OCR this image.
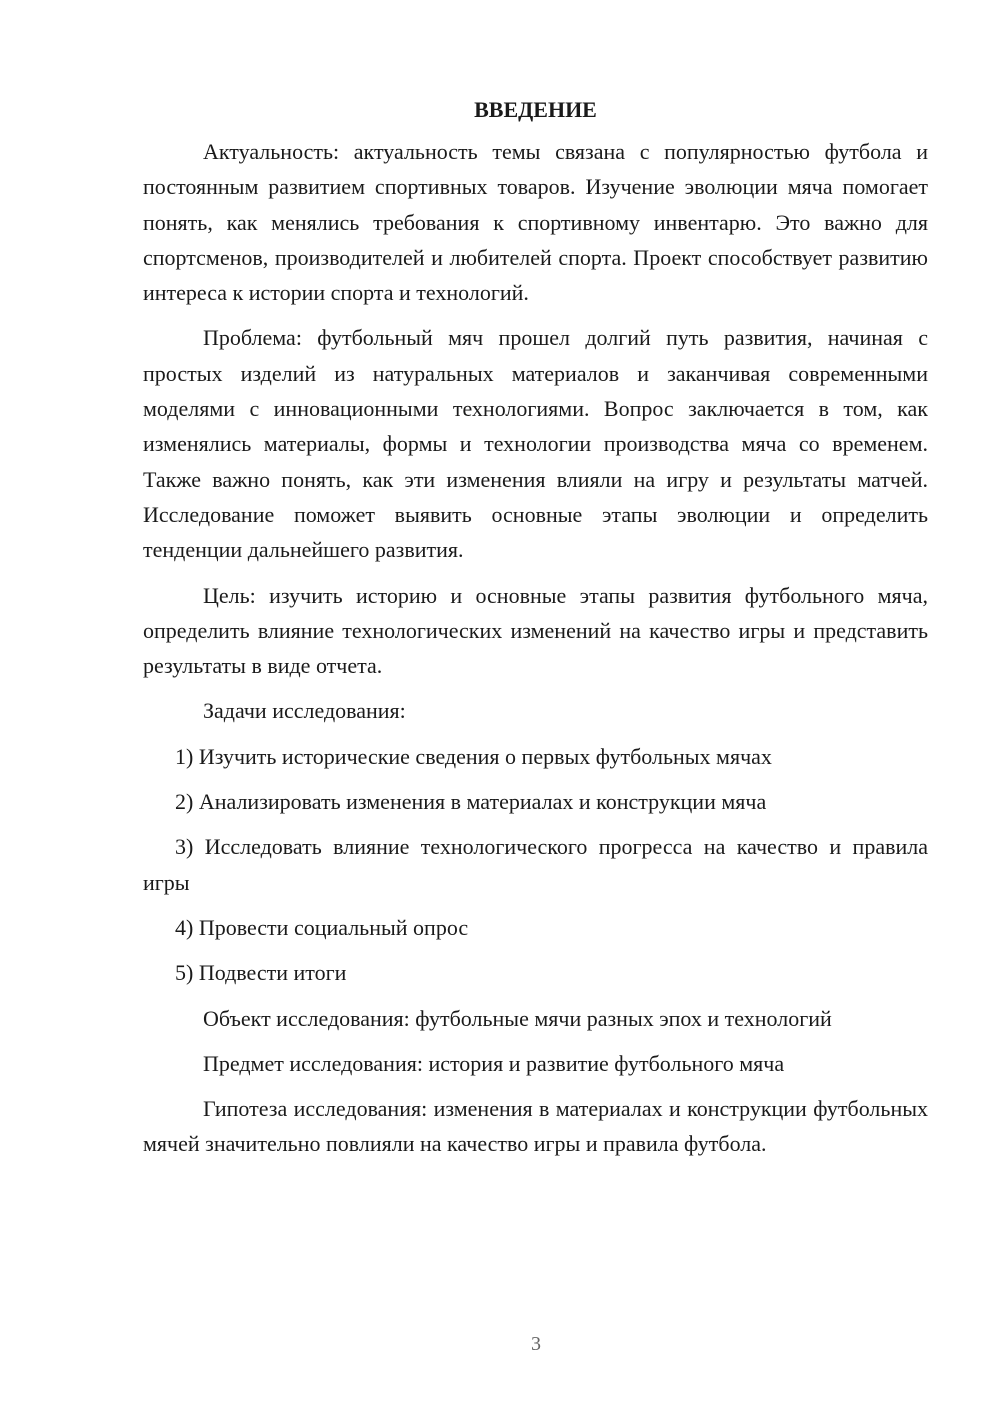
ВВЕДЕНИЕ

Актуальность: актуальность темы связана с популярностью футбола и постоянным развитием спортивных товаров. Изучение эволюции мяча помогает понять, как менялись требования к спортивному инвентарю. Это важно для спортсменов, производителей и любителей спорта. Проект способствует развитию интереса к истории спорта и технологий.

Проблема: футбольный мяч прошел долгий путь развития, начиная с простых изделий из натуральных материалов и заканчивая современными моделями с инновационными технологиями. Вопрос заключается в том, как изменялись материалы, формы и технологии производства мяча со временем. Также важно понять, как эти изменения влияли на игру и результаты матчей. Исследование поможет выявить основные этапы эволюции и определить тенденции дальнейшего развития.

Цель: изучить историю и основные этапы развития футбольного мяча, определить влияние технологических изменений на качество игры и представить результаты в виде отчета.

Задачи исследования:

1) Изучить исторические сведения о первых футбольных мячах
2) Анализировать изменения в материалах и конструкции мяча
3) Исследовать влияние технологического прогресса на качество и правила игры
4) Провести социальный опрос
5) Подвести итоги

Объект исследования: футбольные мячи разных эпох и технологий

Предмет исследования: история и развитие футбольного мяча

Гипотеза исследования: изменения в материалах и конструкции футбольных мячей значительно повлияли на качество игры и правила футбола.

3
